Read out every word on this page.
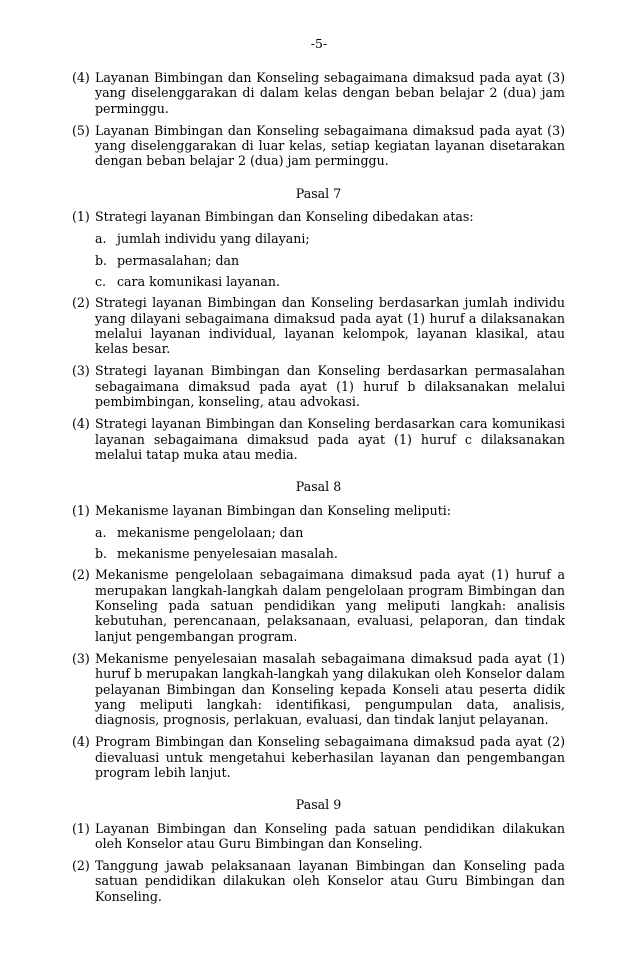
-5-
(4) Layanan Bimbingan dan Konseling sebagaimana dimaksud pada ayat (3) yang diselenggarakan di dalam kelas dengan beban belajar 2 (dua) jam perminggu.
(5) Layanan Bimbingan dan Konseling sebagaimana dimaksud pada ayat (3) yang diselenggarakan di luar kelas, setiap kegiatan layanan disetarakan dengan beban belajar 2 (dua) jam perminggu.
Pasal 7
(1) Strategi layanan Bimbingan dan Konseling dibedakan atas:
a. jumlah individu yang dilayani;
b. permasalahan; dan
c. cara komunikasi layanan.
(2) Strategi layanan Bimbingan dan Konseling berdasarkan jumlah individu yang dilayani sebagaimana dimaksud pada ayat (1) huruf a dilaksanakan melalui layanan individual, layanan kelompok, layanan klasikal, atau kelas besar.
(3) Strategi layanan Bimbingan dan Konseling berdasarkan permasalahan sebagaimana dimaksud pada ayat (1) huruf b dilaksanakan melalui pembimbingan, konseling, atau advokasi.
(4) Strategi layanan Bimbingan dan Konseling berdasarkan cara komunikasi layanan sebagaimana dimaksud pada ayat (1) huruf c dilaksanakan melalui tatap muka atau media.
Pasal 8
(1) Mekanisme layanan Bimbingan dan Konseling meliputi:
a. mekanisme pengelolaan; dan
b. mekanisme penyelesaian masalah.
(2) Mekanisme pengelolaan sebagaimana dimaksud pada ayat (1) huruf a merupakan langkah-langkah dalam pengelolaan program Bimbingan dan Konseling pada satuan pendidikan yang meliputi langkah: analisis kebutuhan, perencanaan, pelaksanaan, evaluasi, pelaporan, dan tindak lanjut pengembangan program.
(3) Mekanisme penyelesaian masalah sebagaimana dimaksud pada ayat (1) huruf b merupakan langkah-langkah yang dilakukan oleh Konselor dalam pelayanan Bimbingan dan Konseling kepada Konseli atau peserta didik yang meliputi langkah: identifikasi, pengumpulan data, analisis, diagnosis, prognosis, perlakuan, evaluasi, dan tindak lanjut pelayanan.
(4) Program Bimbingan dan Konseling sebagaimana dimaksud pada ayat (2) dievaluasi untuk mengetahui keberhasilan layanan dan pengembangan program lebih lanjut.
Pasal 9
(1) Layanan Bimbingan dan Konseling pada satuan pendidikan dilakukan oleh Konselor atau Guru Bimbingan dan Konseling.
(2) Tanggung jawab pelaksanaan layanan Bimbingan dan Konseling pada satuan pendidikan dilakukan oleh Konselor atau Guru Bimbingan dan Konseling.
